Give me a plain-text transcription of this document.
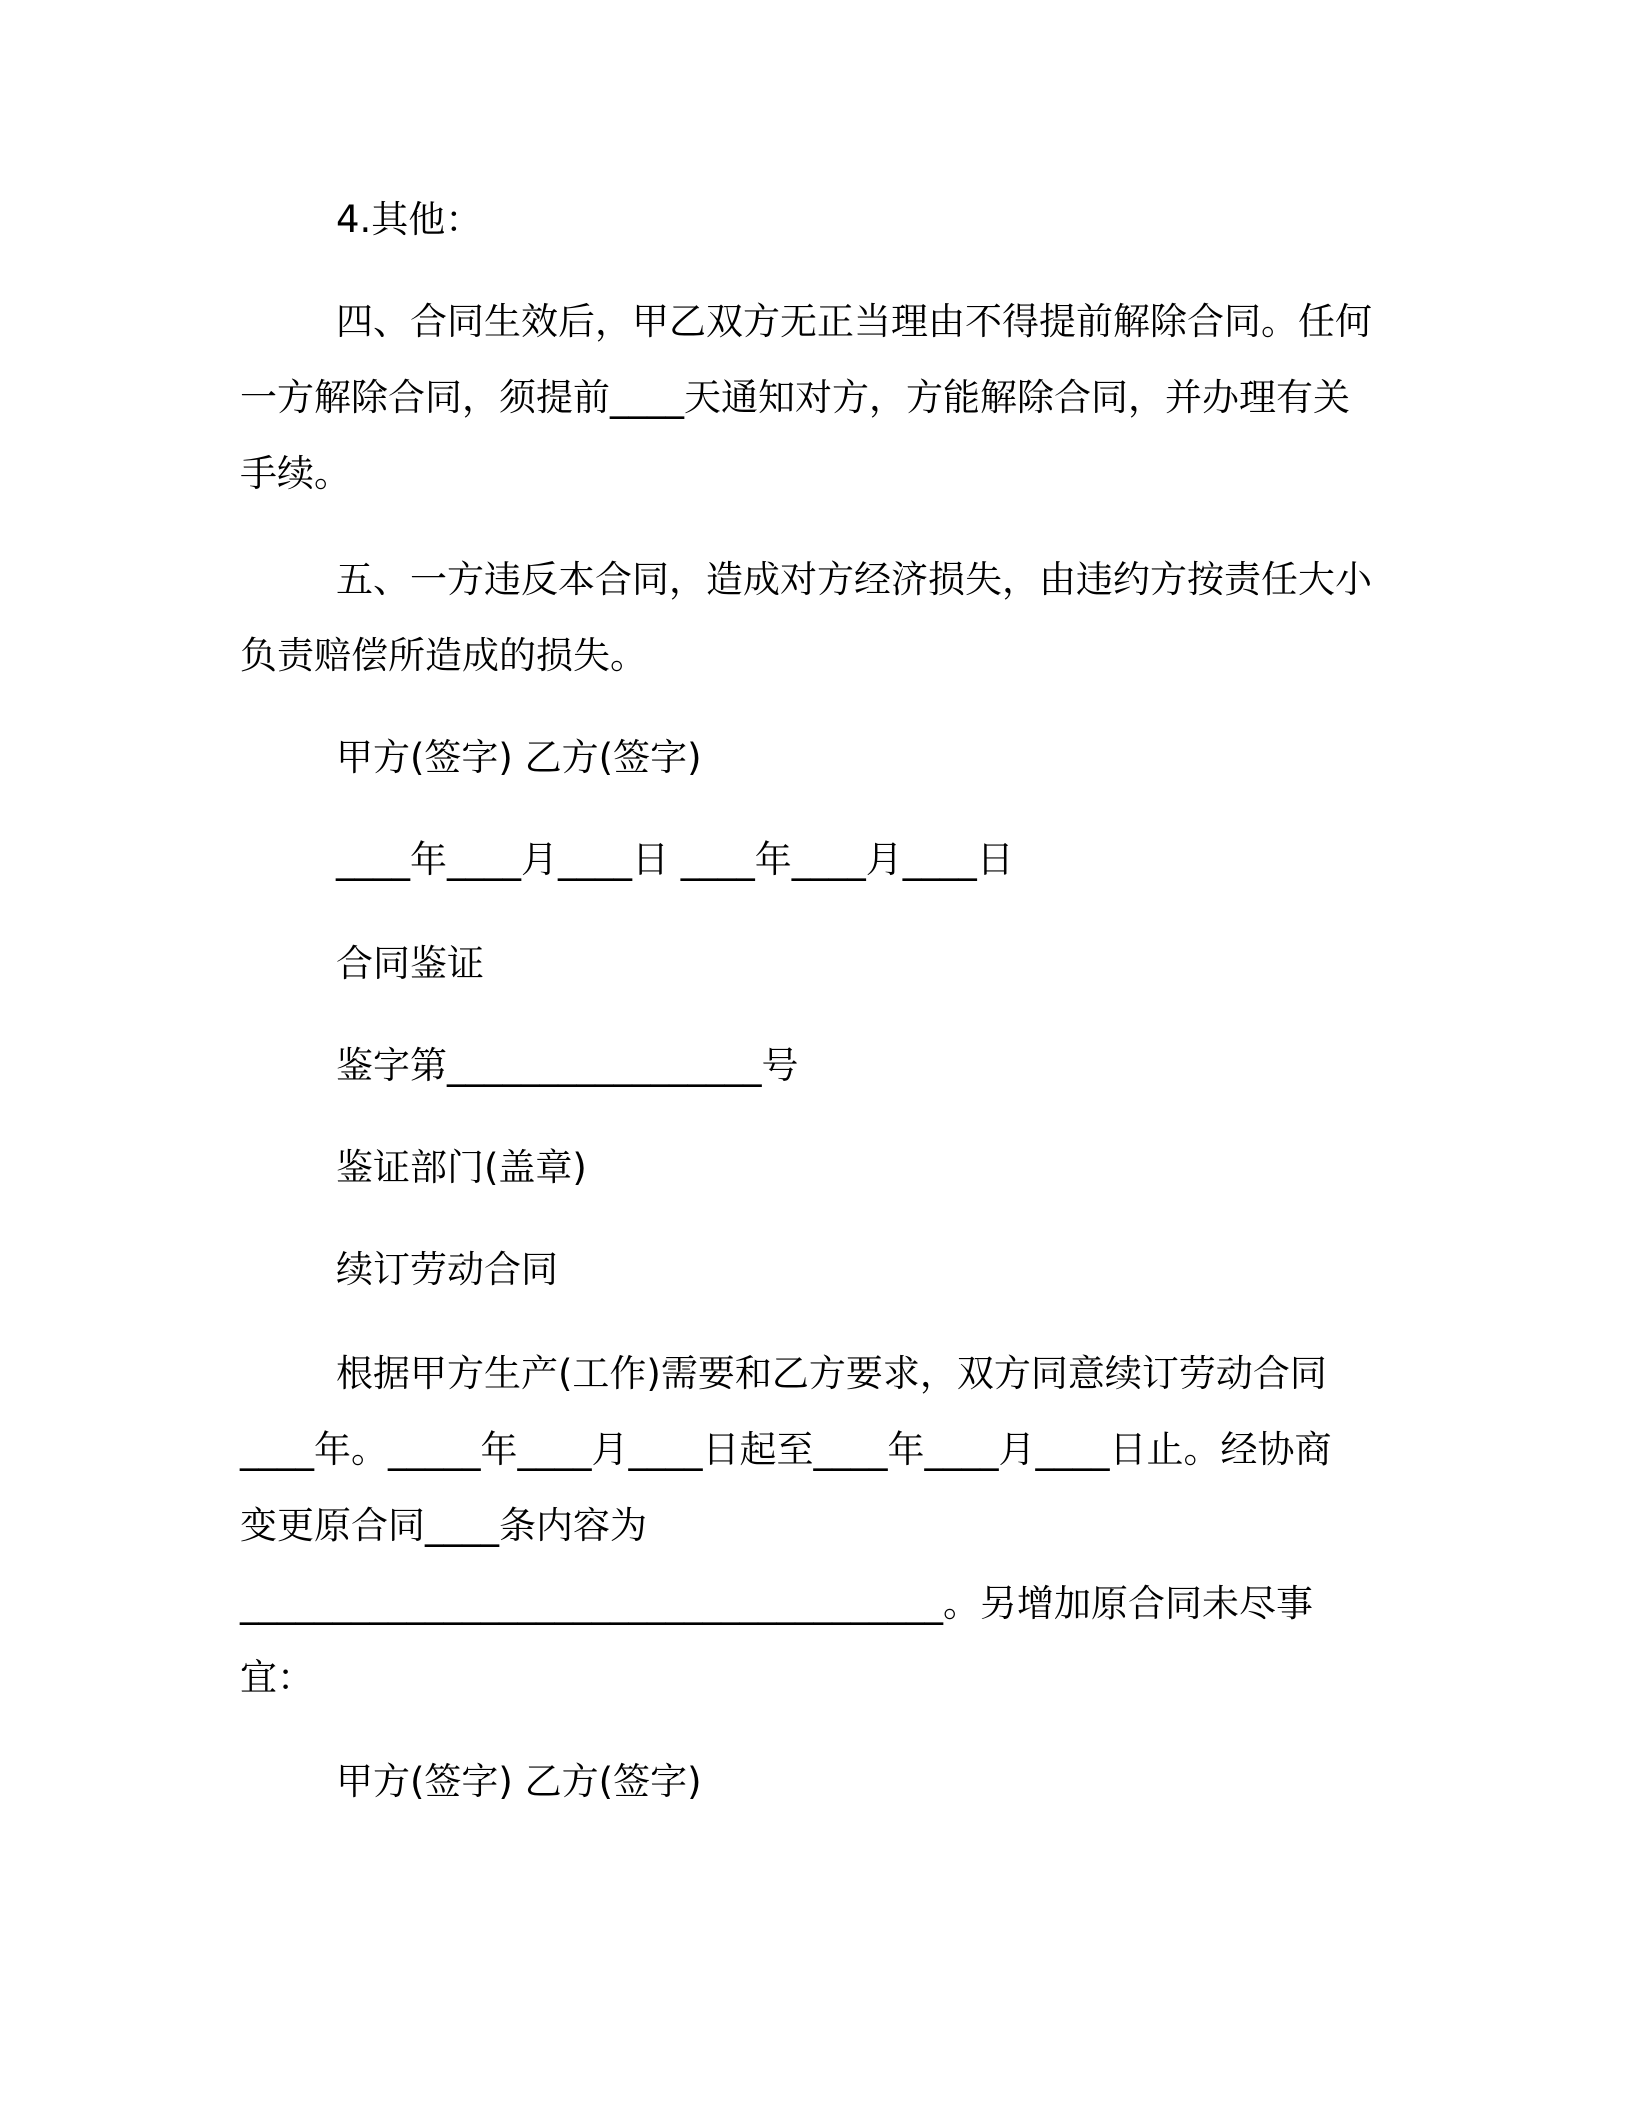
4.其他：
四、合同生效后，甲乙双方无正当理由不得提前解除合同。任何
一方解除合同，须提前____天通知对方，方能解除合同，并办理有关
手续。
五、一方违反本合同，造成对方经济损失，由违约方按责任大小
负责赔偿所造成的损失。
甲方(签字) 乙方(签字)
____年____月____日 ____年____月____日
合同鉴证
鉴字第_________________号
鉴证部门(盖章)
续订劳动合同
根据甲方生产(工作)需要和乙方要求，双方同意续订劳动合同
____年。_____年____月____日起至____年____月____日止。经协商
变更原合同____条内容为
______________________________________。另增加原合同未尽事
宜：
甲方(签字) 乙方(签字)
